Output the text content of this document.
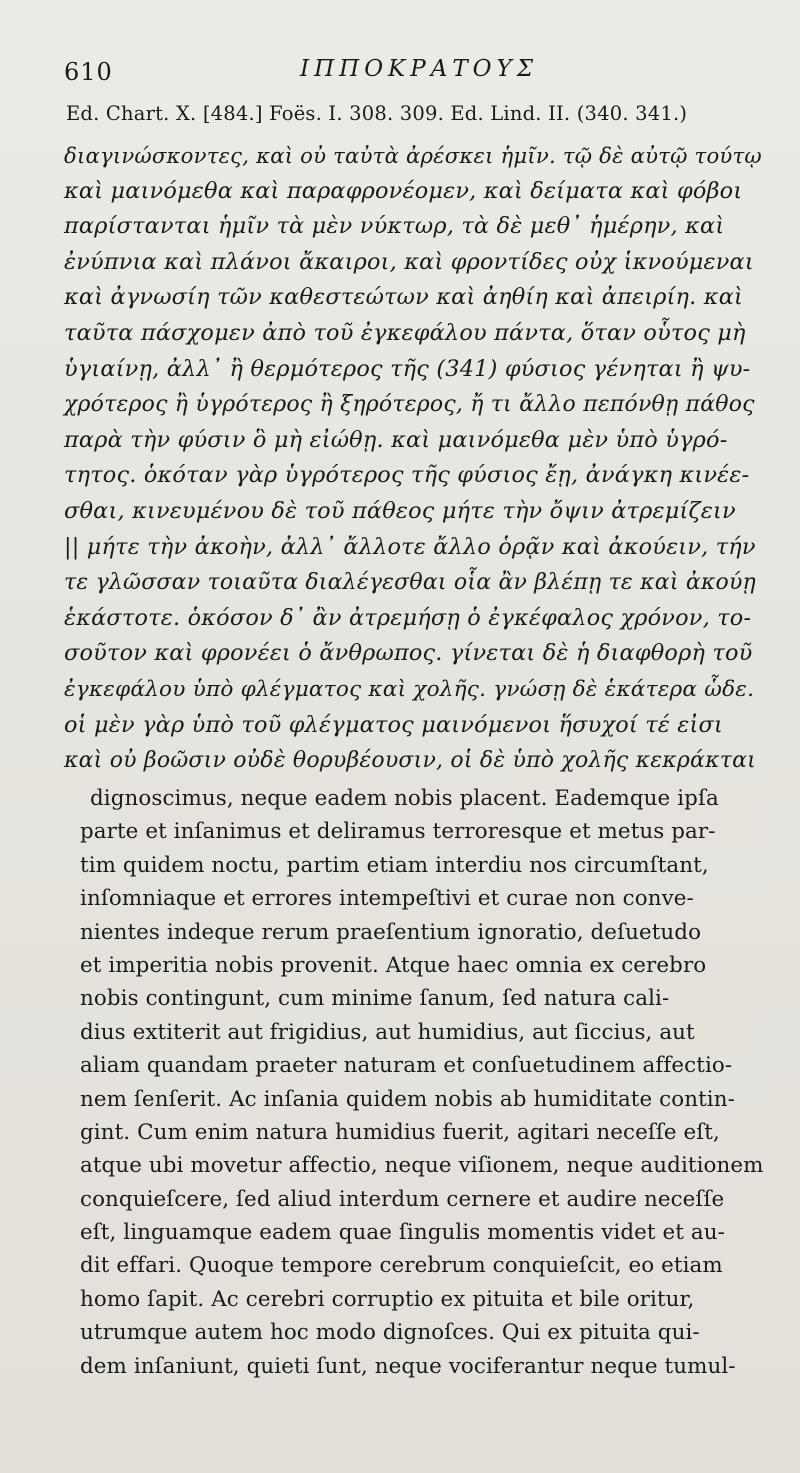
610	ΙΠΠΟΚΡΑΤΟΥΣ
Ed. Chart. X. [484.] Foës. I. 308. 309. Ed. Lind. II. (340. 341.)
διαγινώσκοντες, καὶ οὐ ταὐτὰ ἀρέσκει ἡμῖν. τῷ δὲ αὐτῷ τούτῳ
καὶ μαινόμεθα καὶ παραφρονέομεν, καὶ δείματα καὶ φόβοι
παρίστανται ἡμῖν τὰ μὲν νύκτωρ, τὰ δὲ μεθ᾽ ἡμέρην, καὶ
ἐνύπνια καὶ πλάνοι ἄκαιροι, καὶ φροντίδες οὐχ ἱκνούμεναι
καὶ ἀγνωσίη τῶν καθεστεώτων καὶ ἀηθίη καὶ ἀπειρίη. καὶ
ταῦτα πάσχομεν ἀπὸ τοῦ ἐγκεφάλου πάντα, ὅταν οὗτος μὴ
ὑγιαίνῃ, ἀλλ᾽ ἢ θερμότερος τῆς (341) φύσιος γένηται ἢ ψυ-
χρότερος ἢ ὑγρότερος ἢ ξηρότερος, ἤ τι ἄλλο πεπόνθῃ πάθος
παρὰ τὴν φύσιν ὃ μὴ εἰώθῃ. καὶ μαινόμεθα μὲν ὑπὸ ὑγρό-
τητος. ὁκόταν γὰρ ὑγρότερος τῆς φύσιος ἔῃ, ἀνάγκη κινέε-
σθαι, κινευμένου δὲ τοῦ πάθεος μήτε τὴν ὄψιν ἀτρεμίζειν
|| μήτε τὴν ἀκοὴν, ἀλλ᾽ ἄλλοτε ἄλλο ὁρᾷν καὶ ἀκούειν, τήν
τε γλῶσσαν τοιαῦτα διαλέγεσθαι οἷα ἂν βλέπῃ τε καὶ ἀκούῃ
ἑκάστοτε. ὁκόσον δ᾽ ἂν ἀτρεμήσῃ ὁ ἐγκέφαλος χρόνον, το-
σοῦτον καὶ φρονέει ὁ ἄνθρωπος. γίνεται δὲ ἡ διαφθορὴ τοῦ
ἐγκεφάλου ὑπὸ φλέγματος καὶ χολῆς. γνώσῃ δὲ ἑκάτερα ὧδε.
οἱ μὲν γὰρ ὑπὸ τοῦ φλέγματος μαινόμενοι ἥσυχοί τέ εἰσι
καὶ οὐ βοῶσιν οὐδὲ θορυβέουσιν, οἱ δὲ ὑπὸ χολῆς κεκράκται
dignoscimus, neque eadem nobis placent. Eademque ipſa
parte et inſanimus et deliramus terroresque et metus par-
tim quidem noctu, partim etiam interdiu nos circumſtant,
inſomniaque et errores intempeſtivi et curae non conve-
nientes indeque rerum praeſentium ignoratio, deſuetudo
et imperitia nobis provenit. Atque haec omnia ex cerebro
nobis contingunt, cum minime ſanum, ſed natura cali-
dius extiterit aut frigidius, aut humidius, aut ſiccius, aut
aliam quandam praeter naturam et conſuetudinem affectio-
nem ſenſerit. Ac inſania quidem nobis ab humiditate contin-
gint. Cum enim natura humidius fuerit, agitari neceſſe eſt,
atque ubi movetur affectio, neque viſionem, neque auditionem
conquieſcere, ſed aliud interdum cernere et audire neceſſe
eſt, linguamque eadem quae ſingulis momentis videt et au-
dit effari. Quoque tempore cerebrum conquieſcit, eo etiam
homo ſapit. Ac cerebri corruptio ex pituita et bile oritur,
utrumque autem hoc modo dignoſces. Qui ex pituita qui-
dem inſaniunt, quieti ſunt, neque vociferantur neque tumul-
